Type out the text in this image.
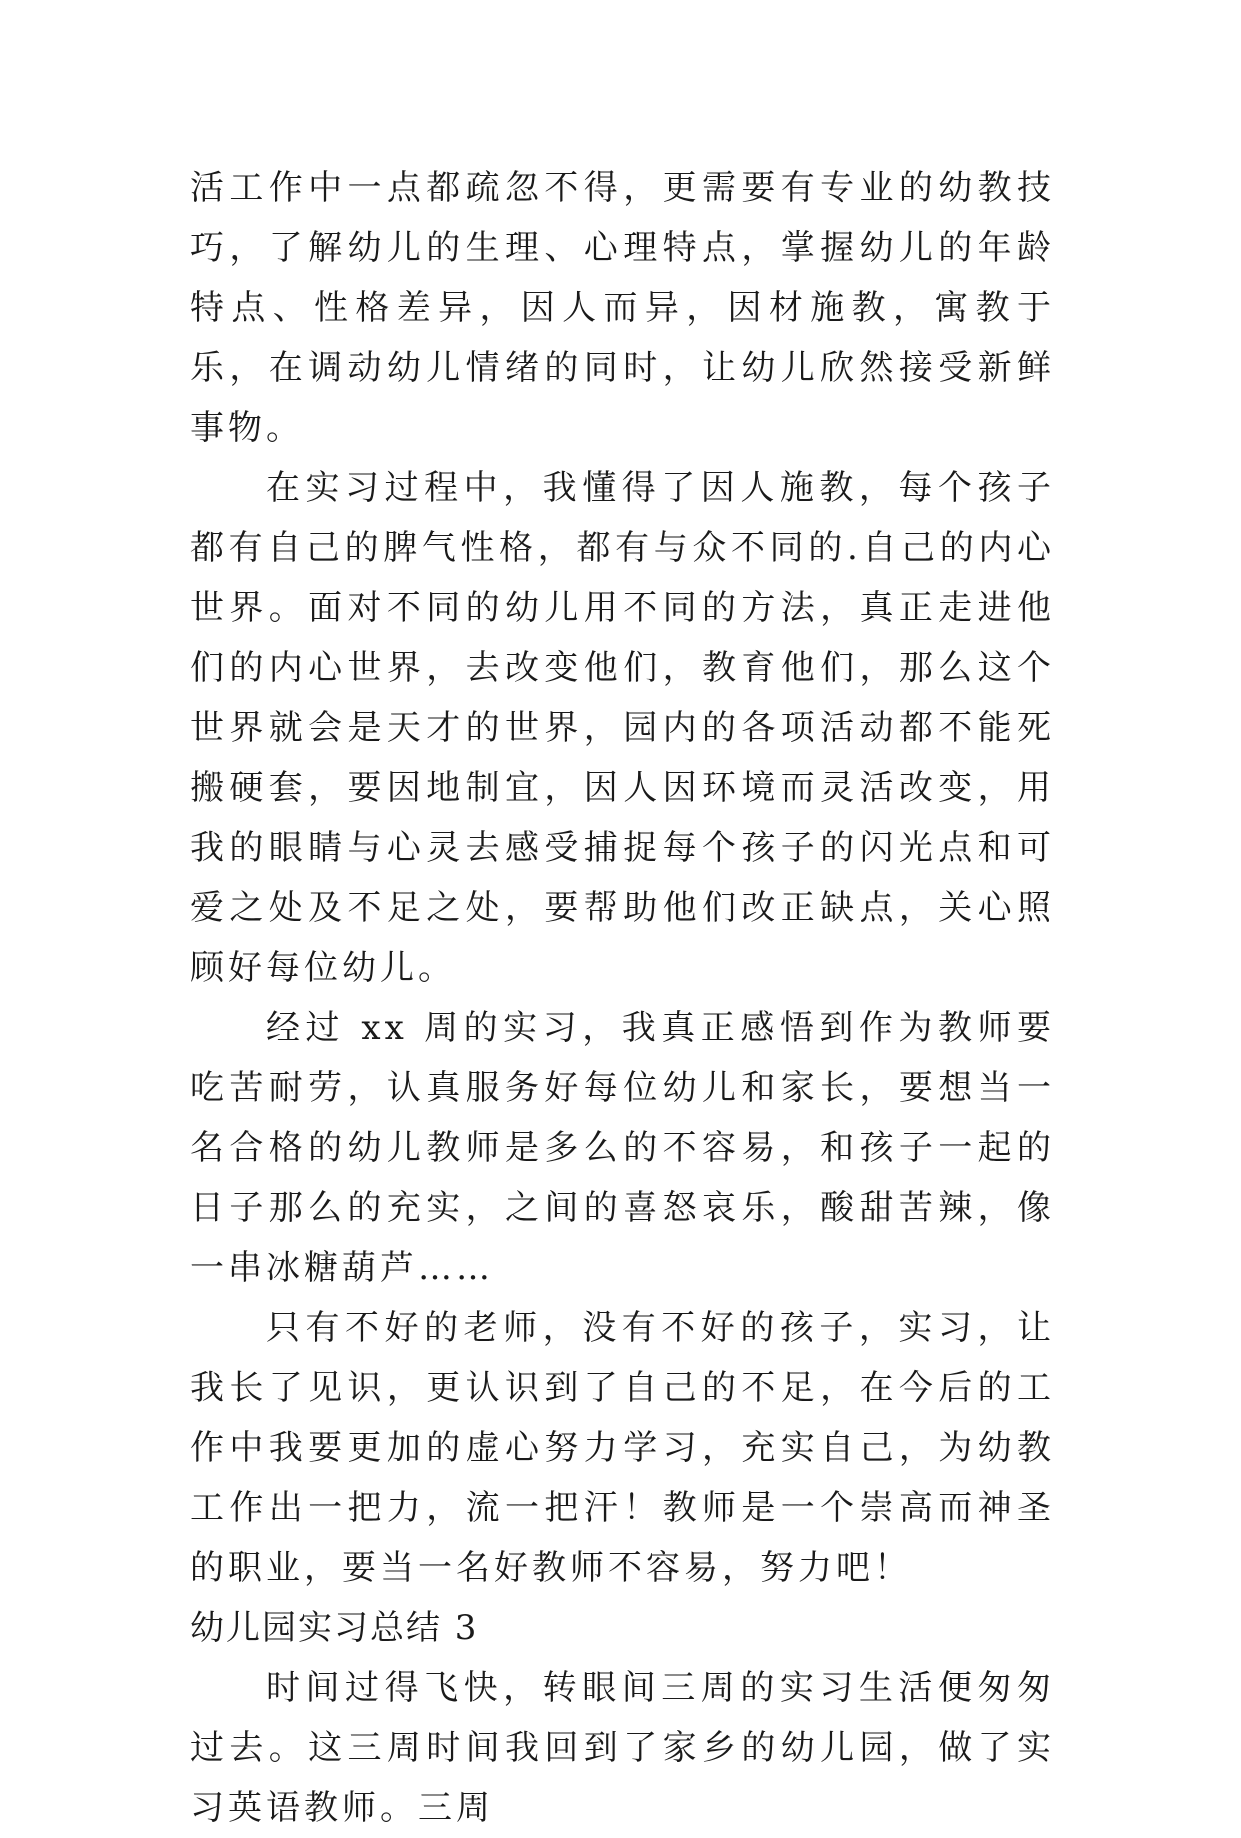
活工作中一点都疏忽不得，更需要有专业的幼教技巧，了解幼儿的生理、心理特点，掌握幼儿的年龄特点、性格差异，因人而异，因材施教，寓教于乐，在调动幼儿情绪的同时，让幼儿欣然接受新鲜事物。

在实习过程中，我懂得了因人施教，每个孩子都有自己的脾气性格，都有与众不同的.自己的内心世界。面对不同的幼儿用不同的方法，真正走进他们的内心世界，去改变他们，教育他们，那么这个世界就会是天才的世界，园内的各项活动都不能死搬硬套，要因地制宜，因人因环境而灵活改变，用我的眼睛与心灵去感受捕捉每个孩子的闪光点和可爱之处及不足之处，要帮助他们改正缺点，关心照顾好每位幼儿。

经过 xx 周的实习，我真正感悟到作为教师要吃苦耐劳，认真服务好每位幼儿和家长，要想当一名合格的幼儿教师是多么的不容易，和孩子一起的日子那么的充实，之间的喜怒哀乐，酸甜苦辣，像一串冰糖葫芦……

只有不好的老师，没有不好的孩子，实习，让我长了见识，更认识到了自己的不足，在今后的工作中我要更加的虚心努力学习，充实自己，为幼教工作出一把力，流一把汗！教师是一个崇高而神圣的职业，要当一名好教师不容易，努力吧！

幼儿园实习总结 3

时间过得飞快，转眼间三周的实习生活便匆匆过去。这三周时间我回到了家乡的幼儿园，做了实习英语教师。三周
